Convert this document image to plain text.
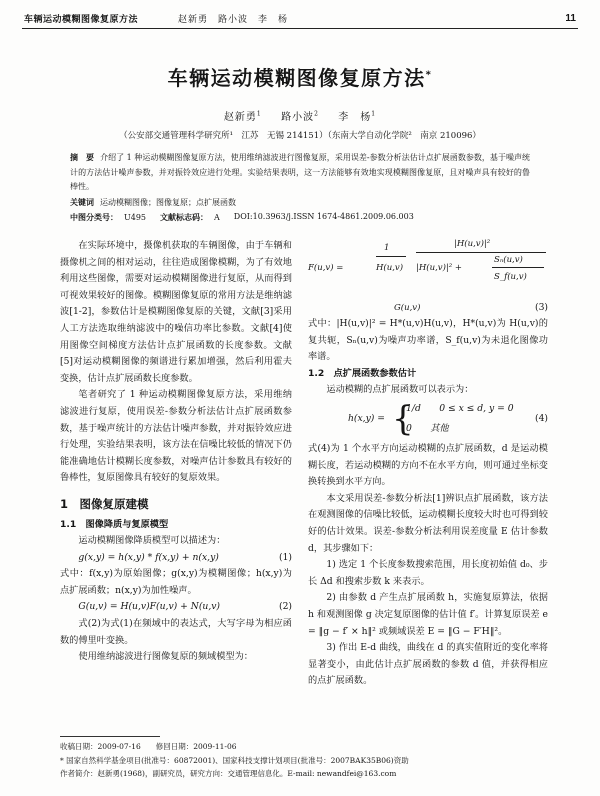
车辆运动模糊图像复原方法	赵新勇　路小波　李　杨	11
车辆运动模糊图像复原方法*
赵新勇$^1$ 　 路小波$^2$ 　 李　杨$^1$
（公安部交通管理科学研究所¹　江苏　无锡 214151）（东南大学自动化学院²　南京 210096）
摘　要 介绍了 1 种运动模糊图像复原方法，使用维纳滤波进行图像复原，采用误差-参数分析法估计点扩展函数参数，基于噪声统计的方法估计噪声参数，并对振铃效应进行处理。实验结果表明，这一方法能够有效地实现模糊图像复原，且对噪声具有较好的鲁棒性。
关键词 运动模糊图像；图像复原；点扩展函数
中图分类号： U495 文献标志码： A DOI:10.3963/j.ISSN 1674-4861.2009.06.003

在实际环境中，摄像机获取的车辆图像，由于车辆和摄像机之间的相对运动，往往造成图像模糊，为了有效地利用这些图像，需要对运动模糊图像进行复原，从而得到可视效果较好的图像。模糊图像复原的常用方法是维纳滤波[1-2]，参数估计是模糊图像复原的关键，文献[3]采用人工方法选取维纳滤波中的噪信功率比参数。文献[4]使用图像空间梯度方法估计点扩展函数的长度参数。文献[5]对运动模糊图像的频谱进行累加增强，然后利用霍夫变换，估计点扩展函数长度参数。

笔者研究了 1 种运动模糊图像复原方法，采用维纳滤波进行复原，使用误差-参数分析法估计点扩展函数参数，基于噪声统计的方法估计噪声参数，并对振铃效应进行处理，实验结果表明，该方法在信噪比较低的情况下仍能准确地估计模糊长度参数，对噪声估计参数具有较好的鲁棒性，复原图像具有较好的复原效果。

1　图像复原建模
1.1　图像降质与复原模型

运动模糊图像降质模型可以描述为：

g(x,y) = h(x,y) * f(x,y) + n(x,y)	(1)

式中：f(x,y)为原始图像；g(x,y)为模糊图像；h(x,y)为点扩展函数；n(x,y)为加性噪声。

G(u,v) = H(u,v)F(u,v) + N(u,v)	(2)

式(2)为式(1)在频域中的表达式，大写字母为相应函数的傅里叶变换。

使用维纳滤波进行图像复原的频域模型为：

F(u,v) =
1
H(u,v)
|H(u,v)|²
|H(u,v)|² +
Sₙ(u,v)
S_f(u,v)
G(u,v)	(3)

式中：|H(u,v)|² = H*(u,v)H(u,v)，H*(u,v)为 H(u,v)的复共轭，Sₙ(u,v)为噪声功率谱，S_f(u,v)为未退化图像功率谱。

1.2　点扩展函数参数估计

运动模糊的点扩展函数可以表示为：

h(x,y) = {
1/d　　0 ≤ x ≤ d, y = 0
0　　其他
(4)

式(4)为 1 个水平方向运动模糊的点扩展函数，d 是运动模糊长度，若运动模糊的方向不在水平方向，则可通过坐标变换转换到水平方向。

本文采用误差-参数分析法[1]辨识点扩展函数，该方法在观测图像的信噪比较低，运动模糊长度较大时也可得到较好的估计效果。误差-参数分析法利用误差度量 E 估计参数 d，其步骤如下：

1) 选定 1 个长度参数搜索范围，用长度初始值 d₀、步长 Δd 和搜索步数 k 来表示。

2) 由参数 d 产生点扩展函数 h，实施复原算法，依据 h 和观测图像 g 决定复原图像的估计值 f′。计算复原误差 e = ‖g − f′ × h‖² 或频域误差 E = ‖G − F′H‖²。

3) 作出 E-d 曲线，曲线在 d 的真实值附近的变化率将显著变小，由此估计点扩展函数的参数 d 值，并获得相应的点扩展函数。

收稿日期：2009-07-16　　修回日期：2009-11-06
* 国家自然科学基金项目(批准号：60872001)、国家科技支撑计划项目(批准号：2007BAK35B06)资助
作者简介：赵新勇(1968)，副研究员，研究方向：交通管理信息化。E-mail: newandfei@163.com
